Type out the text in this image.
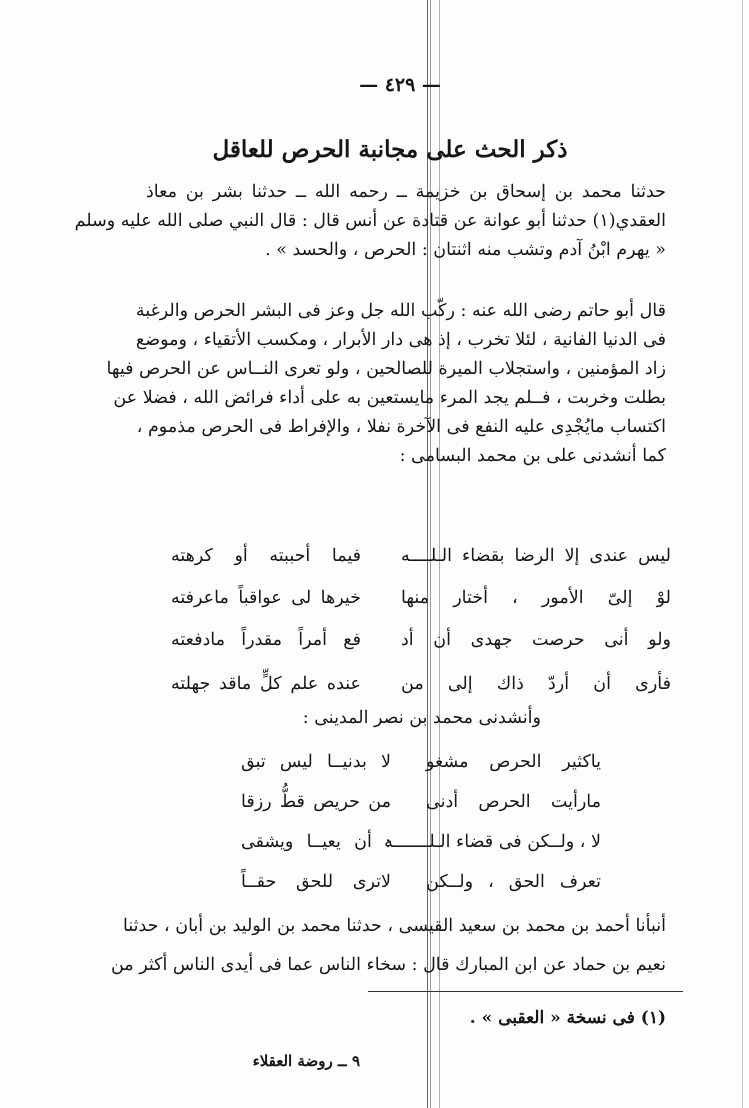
— ٤٢٩ —
ذكر الحث على مجانبة الحرص للعاقل
حدثنا محمد بن إسحاق بن خزيمة ــ رحمه الله ــ حدثنا بشر بن معاذ
العقدي(١) حدثنا أبو عوانة عن قتادة عن أنس قال : قال النبي صلى الله عليه وسلم
« يهرم ابْنُ آدم وتشب منه اثنتان : الحرص ، والحسد » .
قال أبو حاتم رضى الله عنه : ركّب الله جل وعز فى البشر الحرص والرغبة
فى الدنيا الفانية ، لئلا تخرب ، إذ هى دار الأبرار ، ومكسب الأتقياء ، وموضع
زاد المؤمنين ، واستجلاب الميرة للصالحين ، ولو تعرى النــاس عن الحرص فيها
بطلت وخربت ، فــلم يجد المرء مايستعين به على أداء فرائض الله ، فضلا عن
اكتساب مايُجْدِى عليه النفع فى الآخرة نفلا ، والإفراط فى الحرص مذموم ،
كما أنشدنى على بن محمد البسامى :
ليس عندى إلا الرضا بقضاء الـلــــه
فيما أحببته أو كرهته
لوْ إلىّ الأمور ، أختار منها
خيرها لى عواقباً ماعرفته
ولو أنى حرصت جهدى أن أد
فع أمراً مقدراً مادفعته
فأرى أن أردّ ذاك إلى من
عنده علم كلٍّ ماقد جهلته
وأنشدنى محمد بن نصر المدينى :
ياكثير الحرص مشغو
لا بدنيــا ليس تبق
مارأيت الحرص أدنى
من حريص قطُّ رزقا
لا ، ولــكن فى قضاء الـلـــــــه
: أن يعيــا ويشقى
تعرف الحق ، ولــكن
لاترى للحق حقــاً
أنبأنا أحمد بن محمد بن سعيد القيسى ، حدثنا محمد بن الوليد بن أبان ، حدثنا
نعيم بن حماد عن ابن المبارك قال : سخاء الناس عما فى أيدى الناس أكثر من
(١) فى نسخة « العقبى » .
٩ ــ روضة العقلاء
